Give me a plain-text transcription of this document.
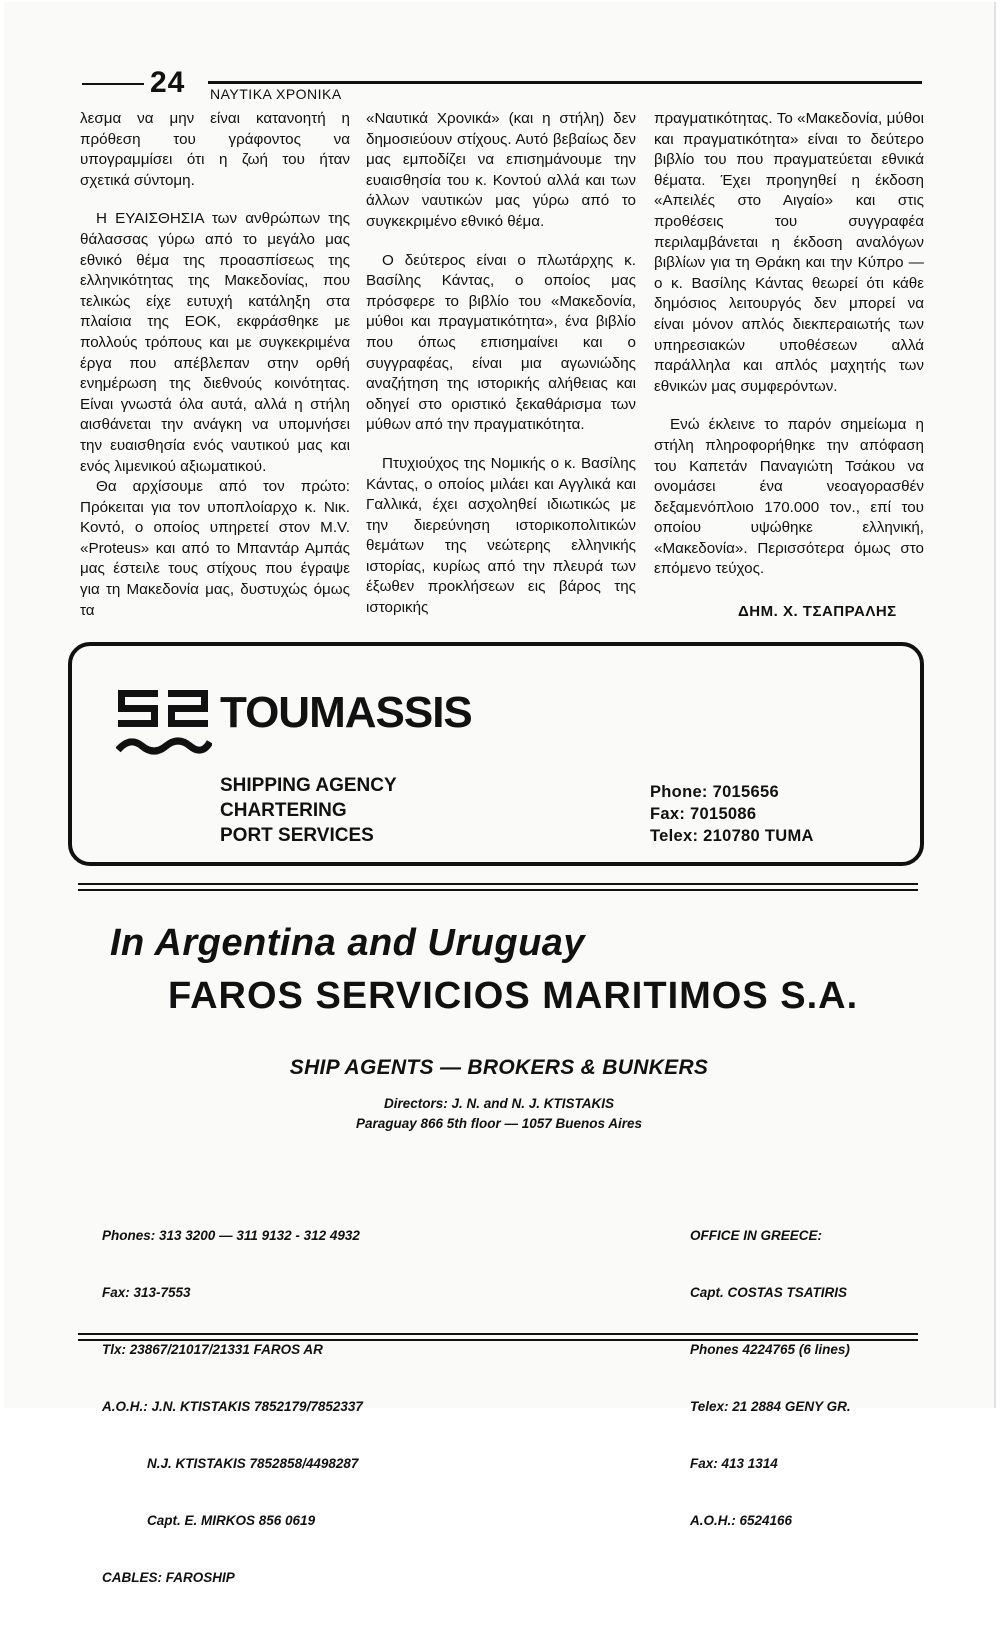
24 ΝΑΥΤΙΚΑ ΧΡΟΝΙΚΑ

λεσμα να μην είναι κατανοητή η πρόθεση του γράφοντος να υπογραμμίσει ότι η ζωή του ήταν σχετικά σύντομη.

Η ΕΥΑΙΣΘΗΣΙΑ των ανθρώπων της θάλασσας γύρω από το μεγάλο μας εθνικό θέμα της προασπίσεως της ελληνικότητας της Μακεδονίας, που τελικώς είχε ευτυχή κατάληξη στα πλαίσια της ΕΟΚ, εκφράσθηκε με πολλούς τρόπους και με συγκεκριμένα έργα που απέβλεπαν στην ορθή ενημέρωση της διεθνούς κοινότητας. Είναι γνωστά όλα αυτά, αλλά η στήλη αισθάνεται την ανάγκη να υπομνήσει την ευαισθησία ενός ναυτικού μας και ενός λιμενικού αξιωματικού.

Θα αρχίσουμε από τον πρώτο: Πρόκειται για τον υποπλοίαρχο κ. Νικ. Κοντό, ο οποίος υπηρετεί στον M.V. «Proteus» και από το Μπαντάρ Αμπάς μας έστειλε τους στίχους που έγραψε για τη Μακεδονία μας, δυστυχώς όμως τα

«Ναυτικά Χρονικά» (και η στήλη) δεν δημοσιεύουν στίχους. Αυτό βεβαίως δεν μας εμποδίζει να επισημάνουμε την ευαισθησία του κ. Κοντού αλλά και των άλλων ναυτικών μας γύρω από το συγκεκριμένο εθνικό θέμα.

Ο δεύτερος είναι ο πλωτάρχης κ. Βασίλης Κάντας, ο οποίος μας πρόσφερε το βιβλίο του «Μακεδονία, μύθοι και πραγματικότητα», ένα βιβλίο που όπως επισημαίνει και ο συγγραφέας, είναι μια αγωνιώδης αναζήτηση της ιστορικής αλήθειας και οδηγεί στο οριστικό ξεκαθάρισμα των μύθων από την πραγματικότητα.

Πτυχιούχος της Νομικής ο κ. Βασίλης Κάντας, ο οποίος μιλάει και Αγγλικά και Γαλλικά, έχει ασχοληθεί ιδιωτικώς με την διερεύνηση ιστορικοπολιτικών θεμάτων της νεώτερης ελληνικής ιστορίας, κυρίως από την πλευρά των έξωθεν προκλήσεων εις βάρος της ιστορικής

πραγματικότητας. Το «Μακεδονία, μύθοι και πραγματικότητα» είναι το δεύτερο βιβλίο του που πραγματεύεται εθνικά θέματα. Έχει προηγηθεί η έκδοση «Απειλές στο Αιγαίο» και στις προθέσεις του συγγραφέα περιλαμβάνεται η έκδοση αναλόγων βιβλίων για τη Θράκη και την Κύπρο — ο κ. Βασίλης Κάντας θεωρεί ότι κάθε δημόσιος λειτουργός δεν μπορεί να είναι μόνον απλός διεκπεραιωτής των υπηρεσιακών υποθέσεων αλλά παράλληλα και απλός μαχητής των εθνικών μας συμφερόντων.

Ενώ έκλεινε το παρόν σημείωμα η στήλη πληροφορήθηκε την απόφαση του Καπετάν Παναγιώτη Τσάκου να ονομάσει ένα νεοαγορασθέν δεξαμενόπλοιο 170.000 τον., επί του οποίου υψώθηκε ελληνική, «Μακεδονία». Περισσότερα όμως στο επόμενο τεύχος.

ΔΗΜ. Χ. ΤΣΑΠΡΑΛΗΣ
TOUMASSIS
SHIPPING AGENCY
CHARTERING
PORT SERVICES
Phone: 7015656
Fax: 7015086
Telex: 210780 TUMA
In Argentina and Uruguay
FAROS SERVICIOS MARITIMOS S.A.
SHIP AGENTS — BROKERS & BUNKERS
Directors: J. N. and N. J. KTISTAKIS
Paraguay 866 5th floor — 1057 Buenos Aires

Phones: 313 3200 — 311 9132 - 312 4932

Fax: 313-7553

Tlx: 23867/21017/21331 FAROS AR

A.O.H.: J.N. KTISTAKIS 7852179/7852337

N.J. KTISTAKIS 7852858/4498287

Capt. E. MIRKOS 856 0619

CABLES: FAROSHIP

OFFICE IN GREECE:

Capt. COSTAS TSATIRIS

Phones 4224765 (6 lines)

Telex: 21 2884 GENY GR.

Fax: 413 1314

A.O.H.: 6524166
